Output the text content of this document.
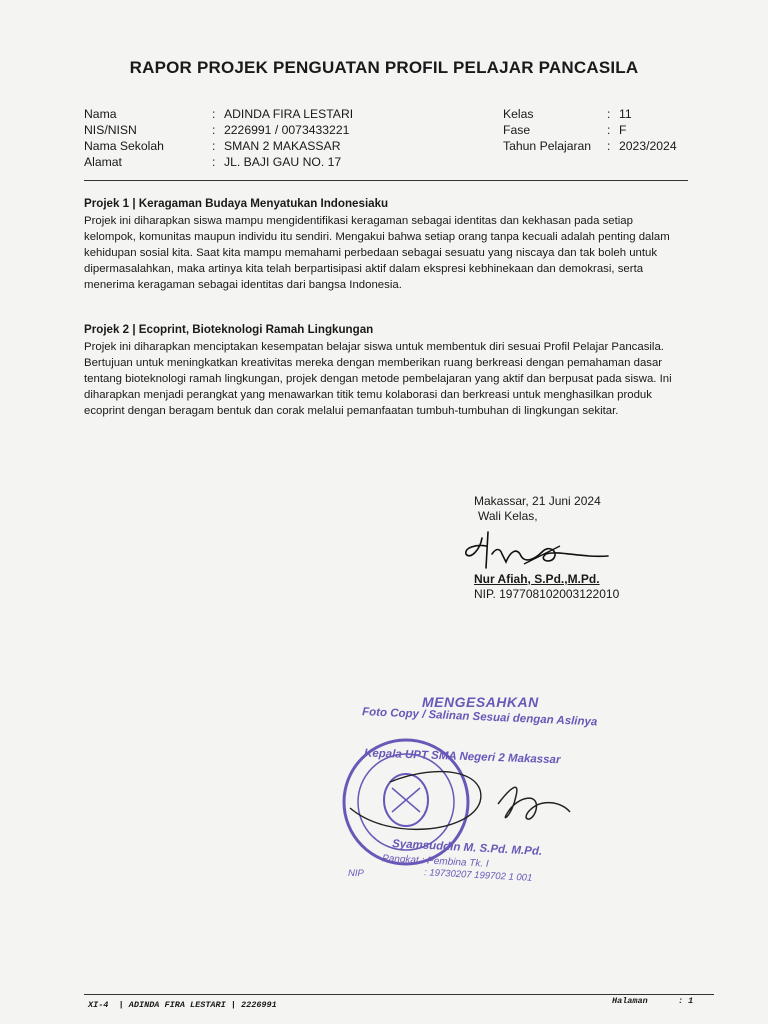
RAPOR PROJEK PENGUATAN PROFIL PELAJAR PANCASILA
Nama	: ADINDA FIRA LESTARI
NIS/NISN	: 2226991 / 0073433221
Nama Sekolah	: SMAN 2 MAKASSAR
Alamat	: JL. BAJI GAU NO. 17
Kelas	: 11
Fase	: F
Tahun Pelajaran	: 2023/2024
Projek 1 | Keragaman Budaya Menyatukan Indonesiaku

Projek ini diharapkan siswa mampu mengidentifikasi keragaman sebagai identitas dan kekhasan pada setiap kelompok, komunitas maupun individu itu sendiri. Mengakui bahwa setiap orang tanpa kecuali adalah penting dalam kehidupan sosial kita. Saat kita mampu memahami perbedaan sebagai sesuatu yang niscaya dan tak boleh untuk dipermasalahkan, maka artinya kita telah berpartisipasi aktif dalam ekspresi kebhinekaan dan demokrasi, serta menerima keragaman sebagai identitas dari bangsa Indonesia.

Projek 2 | Ecoprint, Bioteknologi Ramah Lingkungan

Projek ini diharapkan menciptakan kesempatan belajar siswa untuk membentuk diri sesuai Profil Pelajar Pancasila. Bertujuan untuk meningkatkan kreativitas mereka dengan memberikan ruang berkreasi dengan pemahaman dasar tentang bioteknologi ramah lingkungan, projek dengan metode pembelajaran yang aktif dan berpusat pada siswa. Ini diharapkan menjadi perangkat yang menawarkan titik temu kolaborasi dan berkreasi untuk menghasilkan produk ecoprint dengan beragam bentuk dan corak melalui pemanfaatan tumbuh-tumbuhan di lingkungan sekitar.

Makassar, 21 Juni 2024
Wali Kelas,
Nur Afiah, S.Pd.,M.Pd.
NIP. 197708102003122010
MENGESAHKAN
Foto Copy / Salinan Sesuai dengan Aslinya
Kepala UPT SMA Negeri 2 Makassar
Syamsuddin M. S.Pd. M.Pd.
Pangkat : Pembina Tk. I
NIP	: 19730207 199702 1 001
XI-4  | ADINDA FIRA LESTARI | 2226991	Halaman	: 1
